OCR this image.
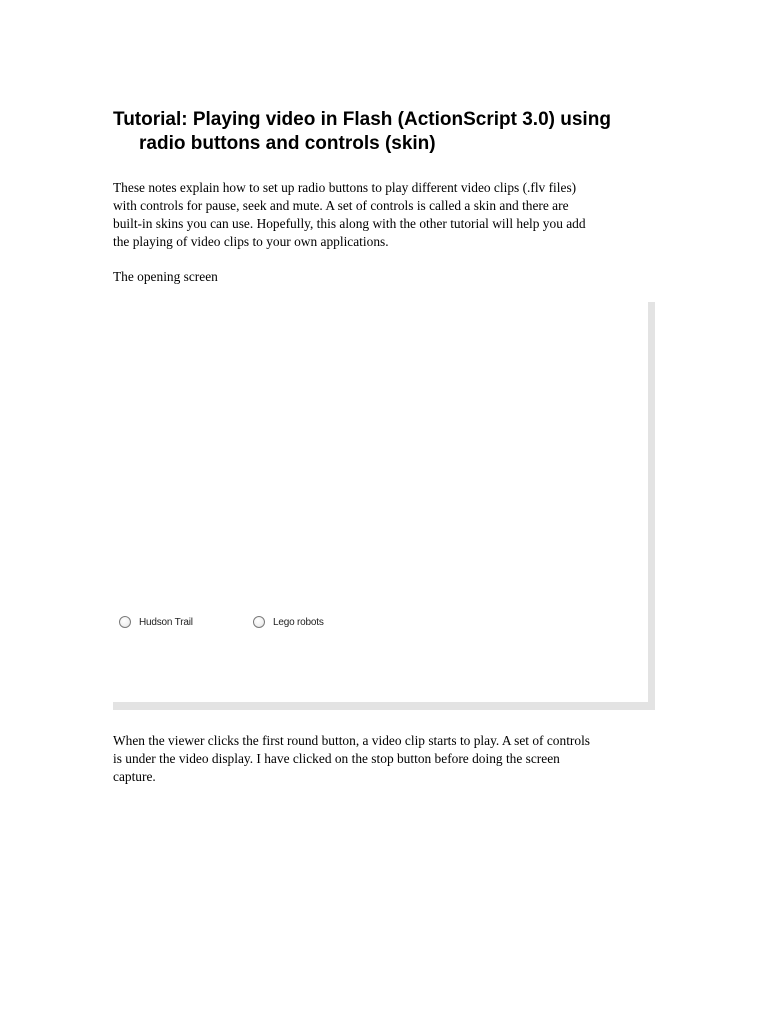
Tutorial: Playing video in Flash (ActionScript 3.0) using
radio buttons and controls (skin)

These notes explain how to set up radio buttons to play different video clips (.flv files)
with controls for pause, seek and mute. A set of controls is called a skin and there are
built-in skins you can use. Hopefully, this along with the other tutorial will help you add
the playing of video clips to your own applications.

The opening screen

Hudson Trail	Lego robots

When the viewer clicks the first round button, a video clip starts to play. A set of controls
is under the video display. I have clicked on the stop button before doing the screen
capture.
